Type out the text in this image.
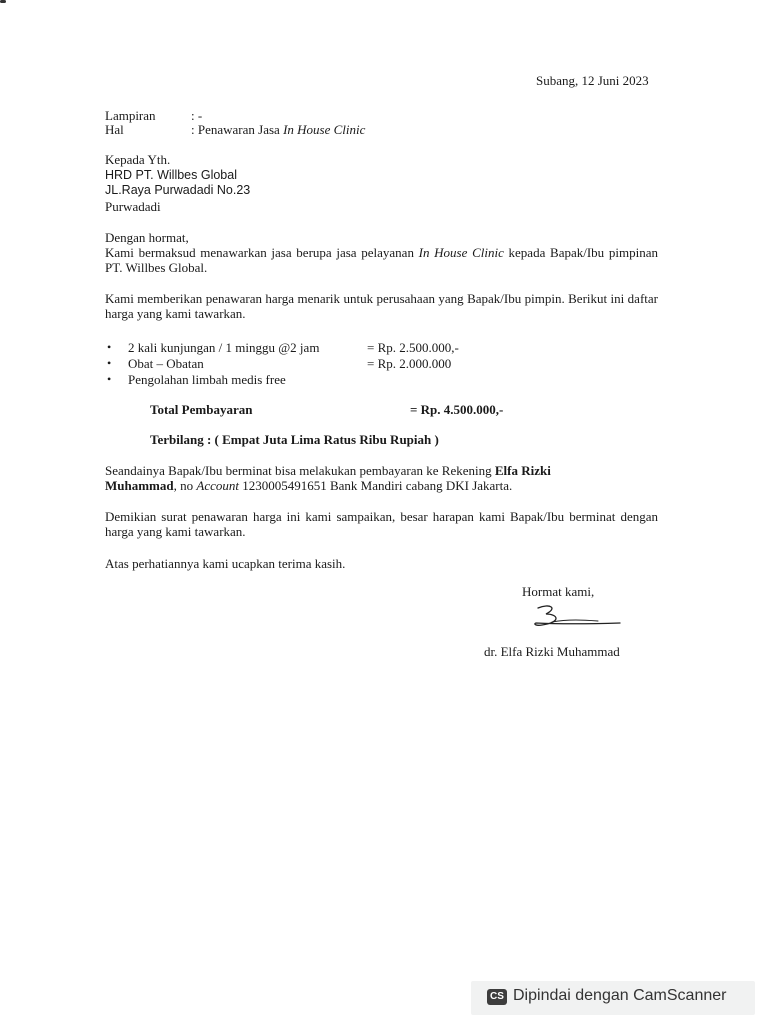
Subang, 12 Juni 2023
Lampiran	: -
Hal	: Penawaran Jasa In House Clinic
Kepada Yth.
HRD PT. Willbes Global
JL.Raya Purwadadi No.23
Purwadadi
Dengan hormat,
Kami bermaksud menawarkan jasa berupa jasa pelayanan In House Clinic kepada Bapak/Ibu pimpinan PT. Willbes Global.
Kami memberikan penawaran harga menarik untuk perusahaan yang Bapak/Ibu pimpin. Berikut ini daftar harga yang kami tawarkan.
• 2 kali kunjungan / 1 minggu @2 jam	= Rp. 2.500.000,-
• Obat – Obatan	= Rp. 2.000.000
• Pengolahan limbah medis free
Total Pembayaran	= Rp. 4.500.000,-
Terbilang : ( Empat Juta Lima Ratus Ribu Rupiah )
Seandainya Bapak/Ibu berminat bisa melakukan pembayaran ke Rekening Elfa Rizki Muhammad, no Account 1230005491651 Bank Mandiri cabang DKI Jakarta.
Demikian surat penawaran harga ini kami sampaikan, besar harapan kami Bapak/Ibu berminat dengan harga yang kami tawarkan.
Atas perhatiannya kami ucapkan terima kasih.
Hormat kami,
dr. Elfa Rizki Muhammad
CS Dipindai dengan CamScanner
